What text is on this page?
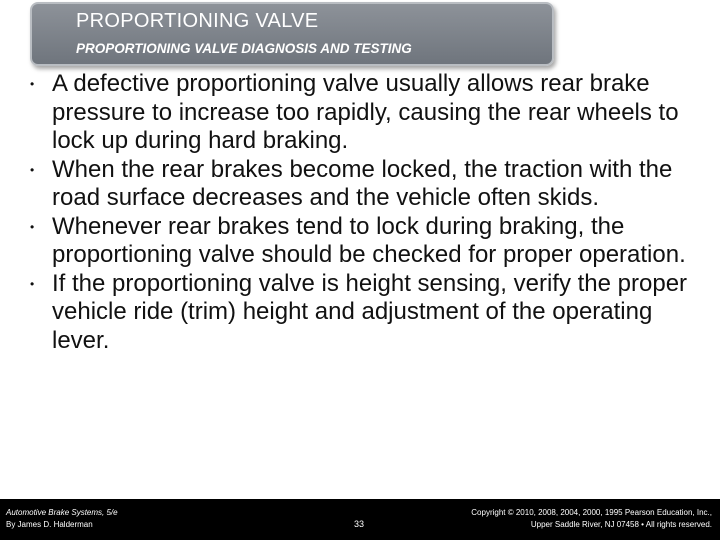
PROPORTIONING VALVE
PROPORTIONING VALVE DIAGNOSIS AND TESTING
• A defective proportioning valve usually allows rear brake pressure to increase too rapidly, causing the rear wheels to lock up during hard braking.
• When the rear brakes become locked, the traction with the road surface decreases and the vehicle often skids.
• Whenever rear brakes tend to lock during braking, the proportioning valve should be checked for proper operation.
• If the proportioning valve is height sensing, verify the proper vehicle ride (trim) height and adjustment of the operating lever.
Automotive Brake Systems, 5/e
By James D. Halderman	33
Copyright © 2010, 2008, 2004, 2000, 1995 Pearson Education, Inc.,
Upper Saddle River, NJ 07458 • All rights reserved.
